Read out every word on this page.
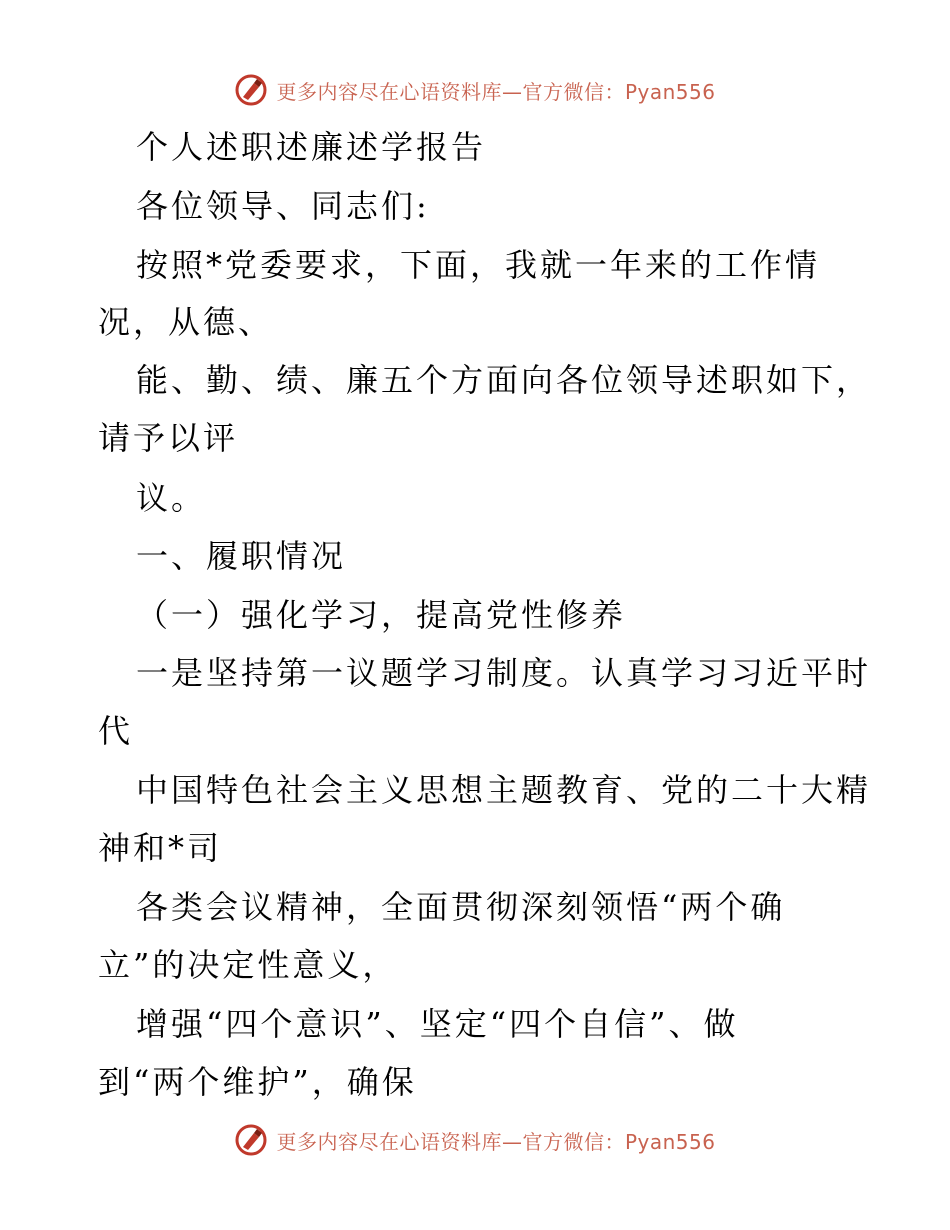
更多内容尽在心语资料库—官方微信：Pyan556
个人述职述廉述学报告
各位领导、同志们:
按照*党委要求，下面，我就一年来的工作情
况，从德、
能、勤、绩、廉五个方面向各位领导述职如下，
请予以评
议。
一、履职情况
（一）强化学习，提高党性修养
一是坚持第一议题学习制度。认真学习习近平时
代
中国特色社会主义思想主题教育、党的二十大精
神和*司
各类会议精神，全面贯彻深刻领悟“两个确
立”的决定性意义，
增强“四个意识”、坚定“四个自信”、做
到“两个维护”，确保
更多内容尽在心语资料库—官方微信：Pyan556
